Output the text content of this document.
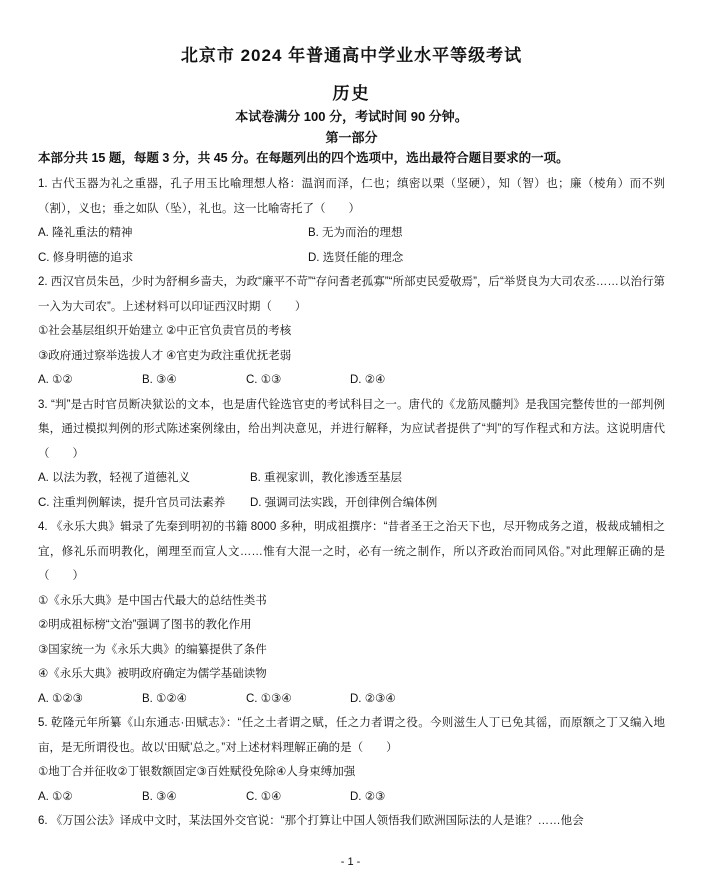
北京市 2024 年普通高中学业水平等级考试
历史
本试卷满分 100 分，考试时间 90 分钟。
第一部分
本部分共 15 题，每题 3 分，共 45 分。在每题列出的四个选项中，选出最符合题目要求的一项。
1. 古代玉器为礼之重器，孔子用玉比喻理想人格：温润而泽，仁也；缜密以栗（坚硬），知（智）也；廉（棱角）而不刿（割），义也；垂之如队（坠），礼也。这一比喻寄托了（　　）
A. 隆礼重法的精神	B. 无为而治的理想
C. 修身明德的追求	D. 选贤任能的理念
2. 西汉官员朱邑，少时为舒桐乡啬夫，为政“廉平不苛”“存问耆老孤寡”“所部吏民爱敬焉”，后“举贤良为大司农丞……以治行第一入为大司农”。上述材料可以印证西汉时期（　　）
①社会基层组织开始建立 ②中正官负责官员的考核
③政府通过察举选拔人才 ④官吏为政注重优抚老弱
A. ①②	B. ③④	C. ①③	D. ②④
3. “判”是古时官员断决狱讼的文本，也是唐代铨选官吏的考试科目之一。唐代的《龙筋凤髓判》是我国完整传世的一部判例集，通过模拟判例的形式陈述案例缘由，给出判决意见，并进行解释，为应试者提供了“判”的写作程式和方法。这说明唐代（　　）
A. 以法为教，轻视了道德礼义	B. 重视家训，教化渗透至基层
C. 注重判例解读，提升官员司法素养	D. 强调司法实践，开创律例合编体例
4. 《永乐大典》辑录了先秦到明初的书籍 8000 多种，明成祖撰序：“昔者圣王之治天下也，尽开物成务之道，极裁成辅相之宜，修礼乐而明教化，阐理至而宣人文……惟有大混一之时，必有一统之制作，所以齐政治而同风俗。”对此理解正确的是（　　）
①《永乐大典》是中国古代最大的总结性类书
②明成祖标榜“文治”强调了图书的教化作用
③国家统一为《永乐大典》的编纂提供了条件
④《永乐大典》被明政府确定为儒学基础读物
A. ①②③	B. ①②④	C. ①③④	D. ②③④
5. 乾隆元年所纂《山东通志·田赋志》：“任之土者谓之赋，任之力者谓之役。今则滋生人丁已免其徭，而原额之丁又编入地亩，是无所谓役也。故以‘田赋’总之。”对上述材料理解正确的是（　　）
①地丁合并征收 ②丁银数额固定 ③百姓赋役免除 ④人身束缚加强
A. ①②	B. ③④	C. ①④	D. ②③
6. 《万国公法》译成中文时，某法国外交官说：“那个打算让中国人领悟我们欧洲国际法的人是谁？……他会
- 1 -
